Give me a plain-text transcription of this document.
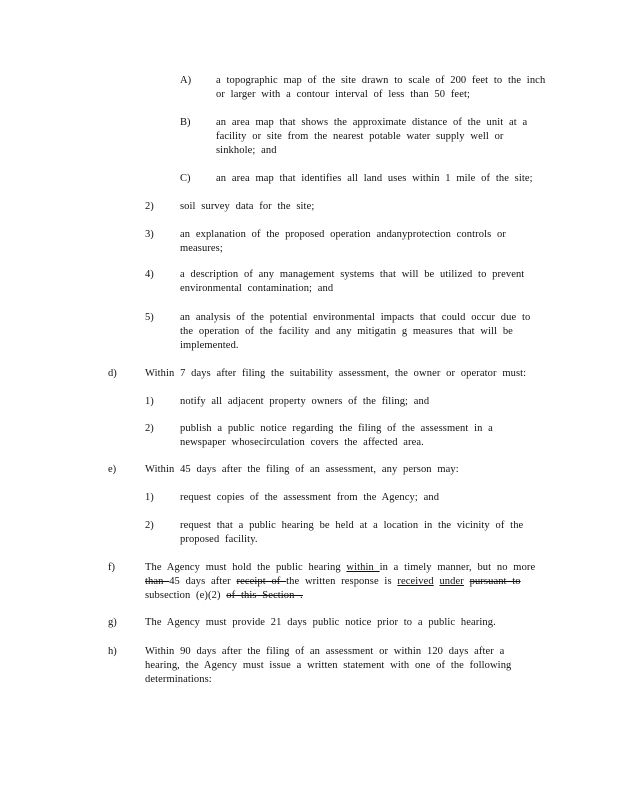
A) a topographic map of the site drawn to scale of 200 feet to the inch
or larger with a contour interval of less than 50 feet;
B) an area map that shows the approximate distance of the unit at a
facility or site from the nearest potable water supply well or
sinkhole; and
C) an area map that identifies all land uses within 1 mile of the site;
2)	soil survey data for the site;
3)	an explanation of the proposed operation andanyprotection controls or
measures;
4)	a description of any management systems that will be utilized to prevent
environmental contamination; and
5)	an analysis of the potential environmental impacts that could occur due to
the operation of the facility and any mitigatin g measures that will be
implemented.
d)	Within 7 days after filing the suitability assessment, the owner or operator must:
1)	notify all adjacent property owners of the filing; and
2)	publish a public notice regarding the filing of the assessment in a
newspaper whosecirculation covers the affected area.
e)	Within 45 days after the filing of an assessment, any person may:
1)	request copies of the assessment from the Agency; and
2)	request that a public hearing be held at a location in the vicinity of the
proposed facility.
f)	The Agency must hold the public hearing within in a timely manner, but no more
than 45 days after receipt of the written response is received under pursuant to
subsection (e)(2) of this Section .
g)	The Agency must provide 21 days public notice prior to a public hearing.
h)	Within 90 days after the filing of an assessment or within 120 days after a
hearing, the Agency must issue a written statement with one of the following
determinations:
